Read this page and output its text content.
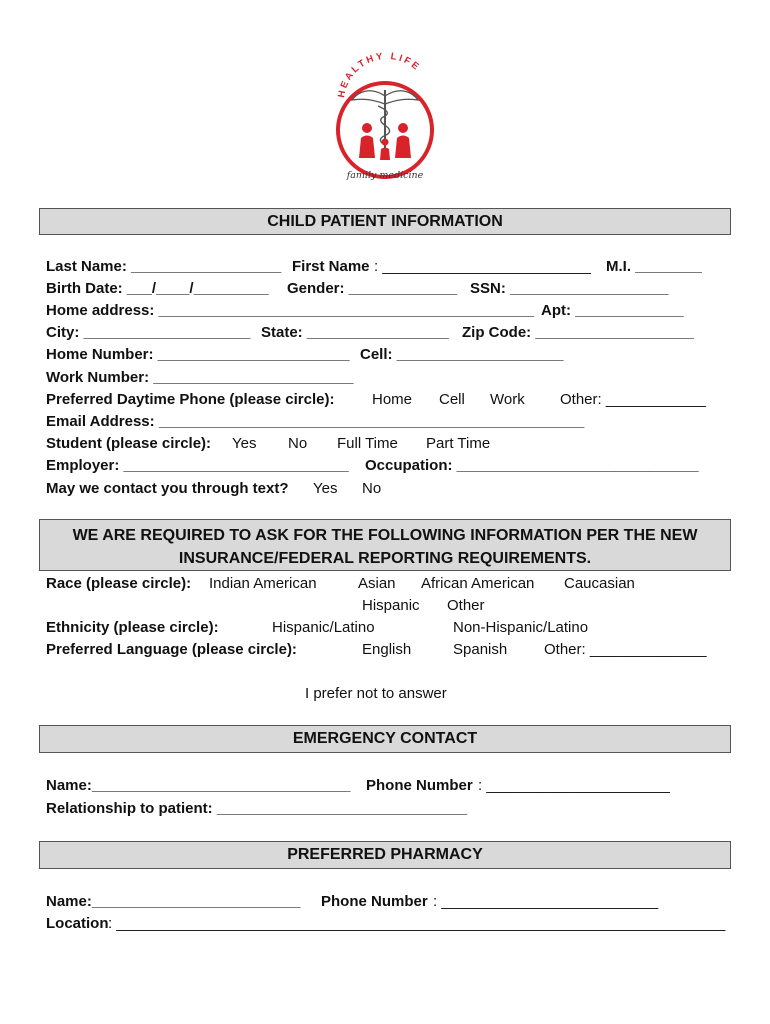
HEALTHY LIFE
family medicine
CHILD PATIENT INFORMATION
Last Name: __________________ First Name : _________________________ M.I. ________
Birth Date: ___/____/_________ Gender: _____________ SSN: ___________________
Home address: _____________________________________________ Apt: _____________
City: ____________________ State: _________________ Zip Code: ___________________
Home Number: _______________________ Cell: ____________________
Work Number: ________________________
Preferred Daytime Phone (please circle):	Home Cell Work Other: ____________
Email Address: ___________________________________________________
Student (please circle): Yes No Full Time Part Time
Employer: ___________________________ Occupation: _____________________________
May we contact you through text? Yes No
WE ARE REQUIRED TO ASK FOR THE FOLLOWING INFORMATION PER THE NEW
INSURANCE/FEDERAL REPORTING REQUIREMENTS.
Race (please circle): Indian American	Asian African American Caucasian
Hispanic Other
Ethnicity (please circle):	Hispanic/Latino	Non-Hispanic/Latino
Preferred Language (please circle):	English	Spanish Other: ______________
I prefer not to answer
EMERGENCY CONTACT
Name:_______________________________ Phone Number : ______________________
Relationship to patient: ______________________________
PREFERRED PHARMACY
Name:_________________________ Phone Number : __________________________
Location : _________________________________________________________________________
